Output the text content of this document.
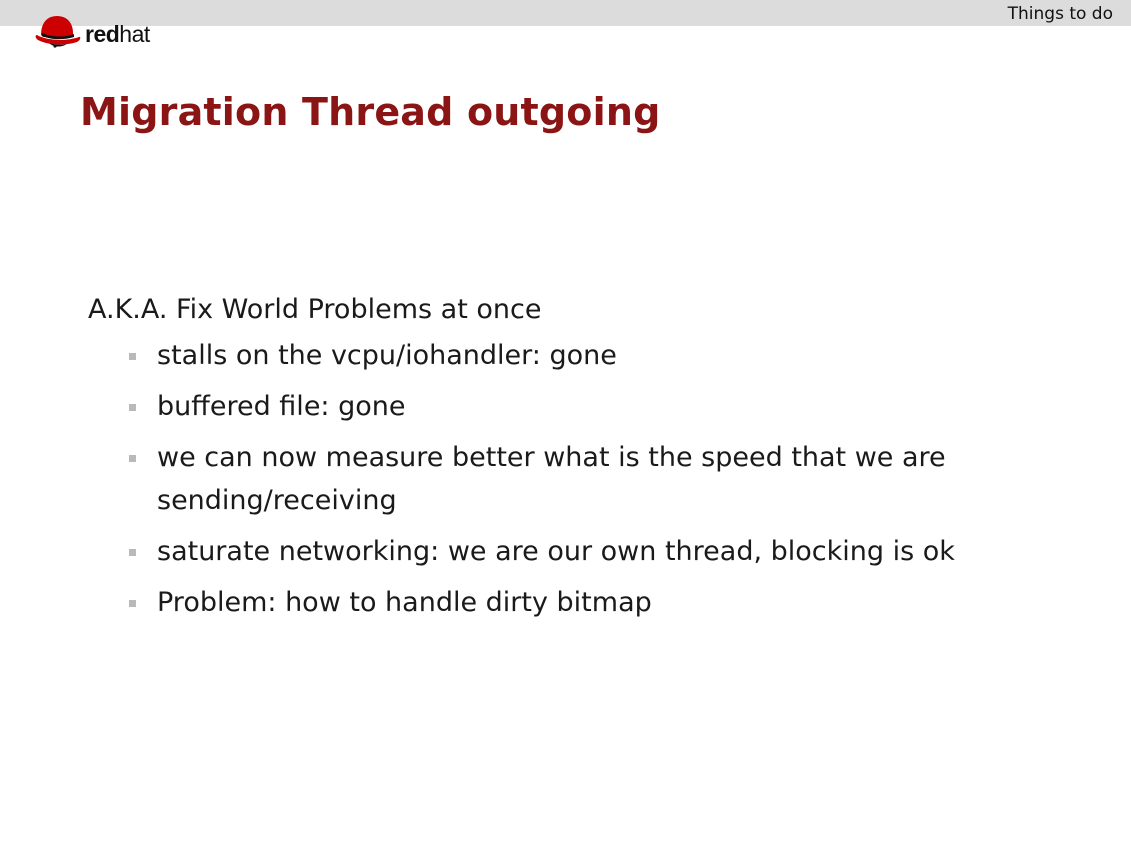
Things to do
redhat
Migration Thread outgoing
A.K.A. Fix World Problems at once
stalls on the vcpu/iohandler: gone
buffered file: gone
we can now measure better what is the speed that we are sending/receiving
saturate networking: we are our own thread, blocking is ok
Problem: how to handle dirty bitmap
